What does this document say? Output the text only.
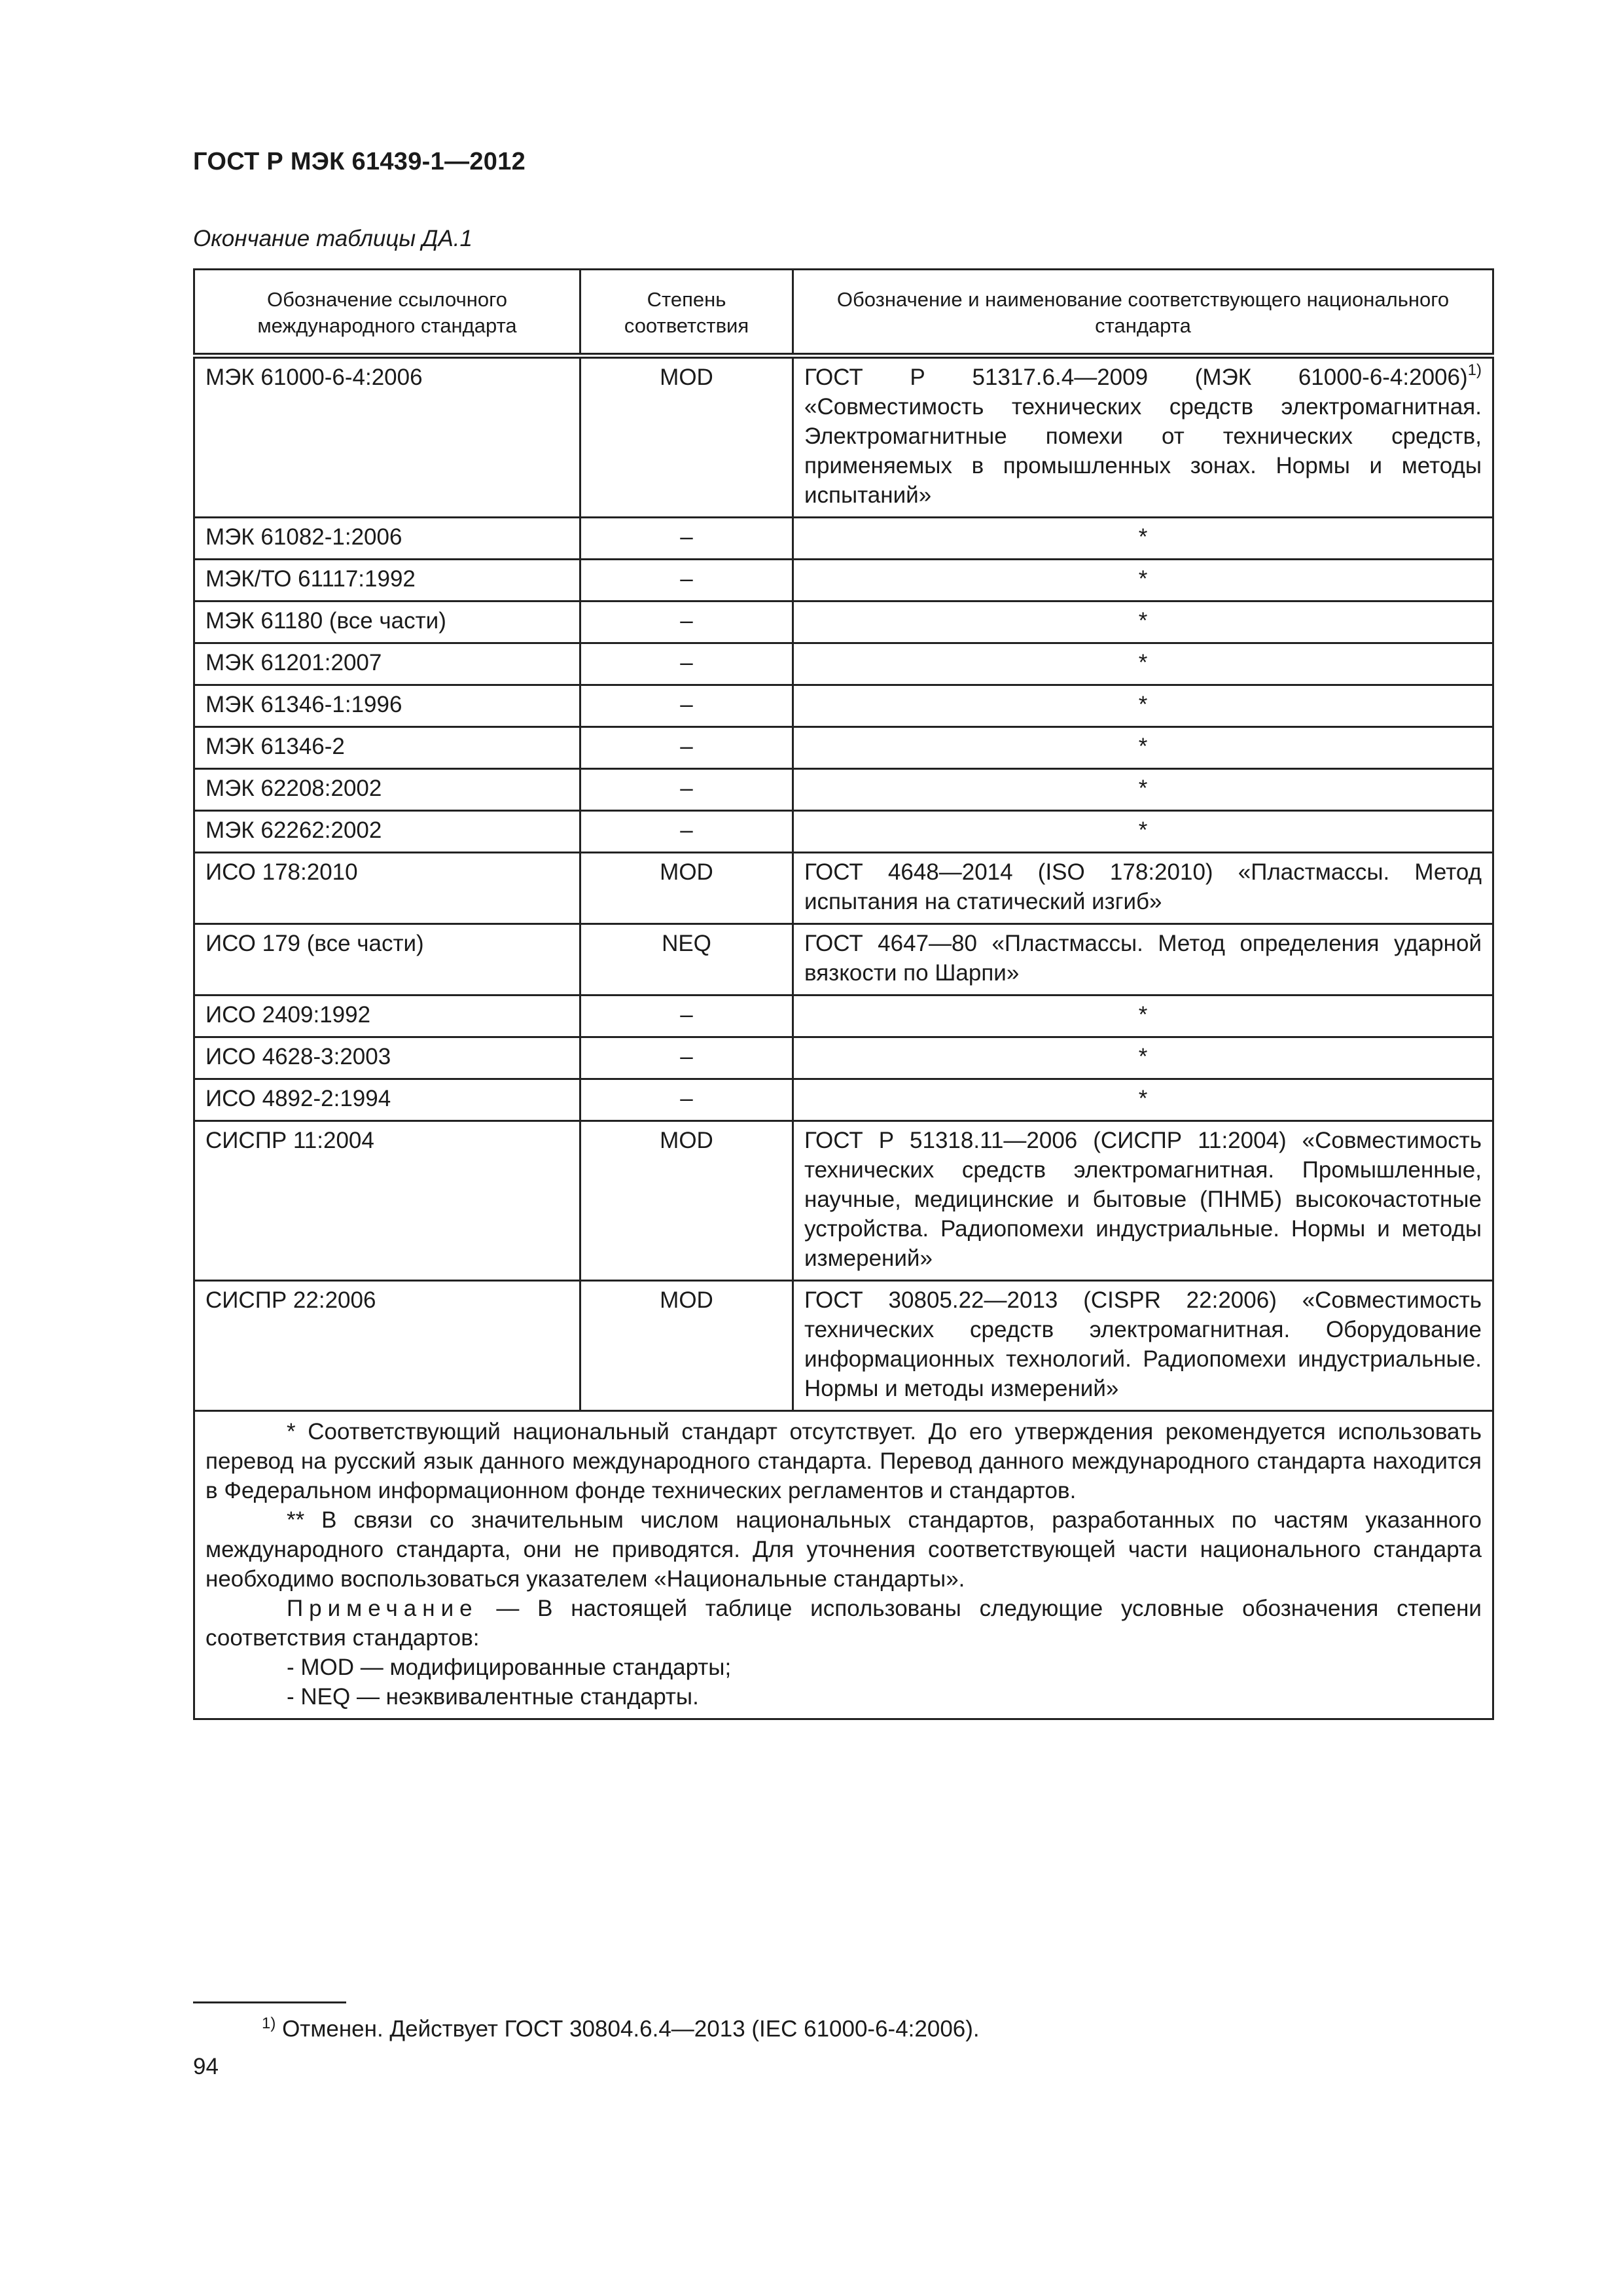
ГОСТ Р МЭК 61439-1—2012
Окончание таблицы ДА.1
Обозначение ссылочного международного стандарта	Степень соответствия	Обозначение и наименование соответствующего национального стандарта
МЭК 61000-6-4:2006	MOD	ГОСТ Р 51317.6.4—2009 (МЭК 61000-6-4:2006)$^{1)}$ «Совместимость технических средств электромагнитная. Электромагнитные помехи от технических средств, применяемых в промышленных зонах. Нормы и методы испытаний»
МЭК 61082-1:2006	–	*
МЭК/ТО 61117:1992	–	*
МЭК 61180 (все части)	–	*
МЭК 61201:2007	–	*
МЭК 61346-1:1996	–	*
МЭК 61346-2	–	*
МЭК 62208:2002	–	*
МЭК 62262:2002	–	*
ИСО 178:2010	MOD	ГОСТ 4648—2014 (ISO 178:2010) «Пластмассы. Метод испытания на статический изгиб»
ИСО 179 (все части)	NEQ	ГОСТ 4647—80 «Пластмассы. Метод определения ударной вязкости по Шарпи»
ИСО 2409:1992	–	*
ИСО 4628-3:2003	–	*
ИСО 4892-2:1994	–	*
СИСПР 11:2004	MOD	ГОСТ Р 51318.11—2006 (СИСПР 11:2004) «Совместимость технических средств электромагнитная. Промышленные, научные, медицинские и бытовые (ПНМБ) высокочастотные устройства. Радиопомехи индустриальные. Нормы и методы измерений»
СИСПР 22:2006	MOD	ГОСТ 30805.22—2013 (CISPR 22:2006) «Совместимость технических средств электромагнитная. Оборудование информационных технологий. Радиопомехи индустриальные. Нормы и методы измерений»

* Соответствующий национальный стандарт отсутствует. До его утверждения рекомендуется использовать перевод на русский язык данного международного стандарта. Перевод данного международного стандарта находится в Федеральном информационном фонде технических регламентов и стандартов.

** В связи со значительным числом национальных стандартов, разработанных по частям указанного международного стандарта, они не приводятся. Для уточнения соответствующей части национального стандарта необходимо воспользоваться указателем «Национальные стандарты».

Примечание — В настоящей таблице использованы следующие условные обозначения степени соответствия стандартов:

- MOD — модифицированные стандарты;

- NEQ — неэквивалентные стандарты.		

$^{1)}$ Отменен. Действует ГОСТ 30804.6.4—2013 (IEC 61000-6-4:2006).
94
